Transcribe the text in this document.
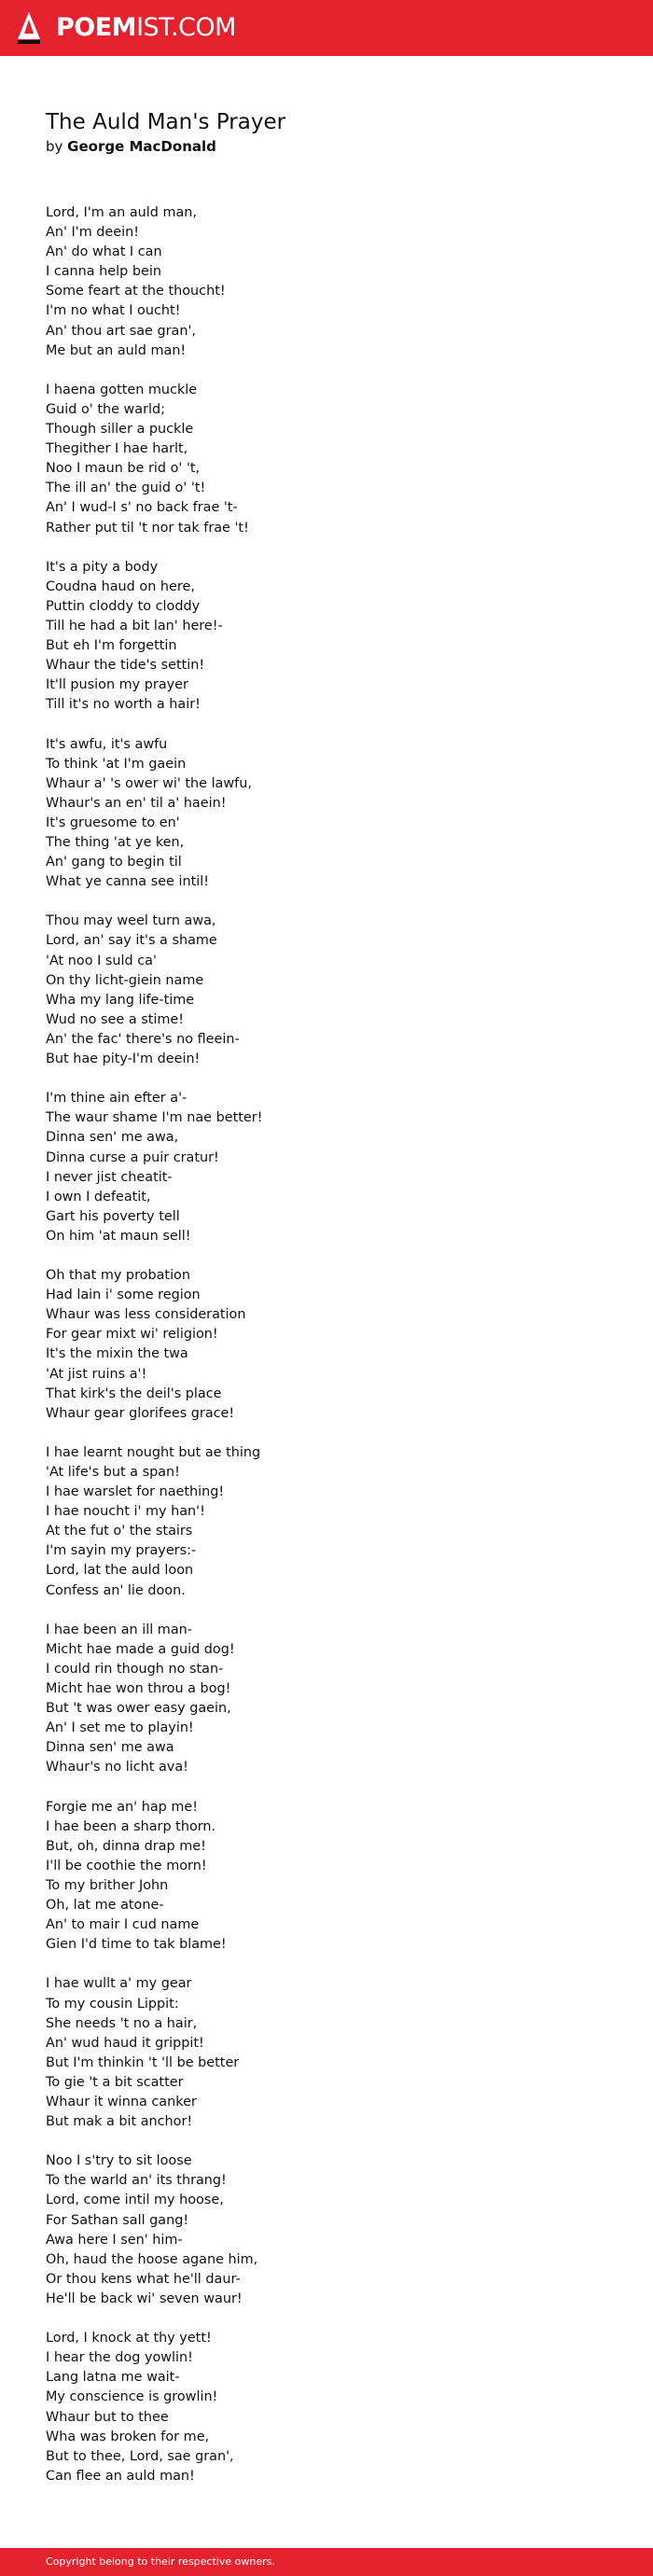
POEMIST.COM
The Auld Man's Prayer
by George MacDonald
Lord, I'm an auld man,
An' I'm deein!
An' do what I can
I canna help bein
Some feart at the thoucht!
I'm no what I oucht!
An' thou art sae gran',
Me but an auld man!
I haena gotten muckle
Guid o' the warld;
Though siller a puckle
Thegither I hae harlt,
Noo I maun be rid o' 't,
The ill an' the guid o' 't!
An' I wud-I s' no back frae 't-
Rather put til 't nor tak frae 't!
It's a pity a body
Coudna haud on here,
Puttin cloddy to cloddy
Till he had a bit lan' here!-
But eh I'm forgettin
Whaur the tide's settin!
It'll pusion my prayer
Till it's no worth a hair!
It's awfu, it's awfu
To think 'at I'm gaein
Whaur a' 's ower wi' the lawfu,
Whaur's an en' til a' haein!
It's gruesome to en'
The thing 'at ye ken,
An' gang to begin til
What ye canna see intil!
Thou may weel turn awa,
Lord, an' say it's a shame
'At noo I suld ca'
On thy licht-giein name
Wha my lang life-time
Wud no see a stime!
An' the fac' there's no fleein-
But hae pity-I'm deein!
I'm thine ain efter a'-
The waur shame I'm nae better!
Dinna sen' me awa,
Dinna curse a puir cratur!
I never jist cheatit-
I own I defeatit,
Gart his poverty tell
On him 'at maun sell!
Oh that my probation
Had lain i' some region
Whaur was less consideration
For gear mixt wi' religion!
It's the mixin the twa
'At jist ruins a'!
That kirk's the deil's place
Whaur gear glorifees grace!
I hae learnt nought but ae thing
'At life's but a span!
I hae warslet for naething!
I hae noucht i' my han'!
At the fut o' the stairs
I'm sayin my prayers:-
Lord, lat the auld loon
Confess an' lie doon.
I hae been an ill man-
Micht hae made a guid dog!
I could rin though no stan-
Micht hae won throu a bog!
But 't was ower easy gaein,
An' I set me to playin!
Dinna sen' me awa
Whaur's no licht ava!
Forgie me an' hap me!
I hae been a sharp thorn.
But, oh, dinna drap me!
I'll be coothie the morn!
To my brither John
Oh, lat me atone-
An' to mair I cud name
Gien I'd time to tak blame!
I hae wullt a' my gear
To my cousin Lippit:
She needs 't no a hair,
An' wud haud it grippit!
But I'm thinkin 't 'll be better
To gie 't a bit scatter
Whaur it winna canker
But mak a bit anchor!
Noo I s'try to sit loose
To the warld an' its thrang!
Lord, come intil my hoose,
For Sathan sall gang!
Awa here I sen' him-
Oh, haud the hoose agane him,
Or thou kens what he'll daur-
He'll be back wi' seven waur!
Lord, I knock at thy yett!
I hear the dog yowlin!
Lang latna me wait-
My conscience is growlin!
Whaur but to thee
Wha was broken for me,
But to thee, Lord, sae gran',
Can flee an auld man!
Copyright belong to their respective owners.
